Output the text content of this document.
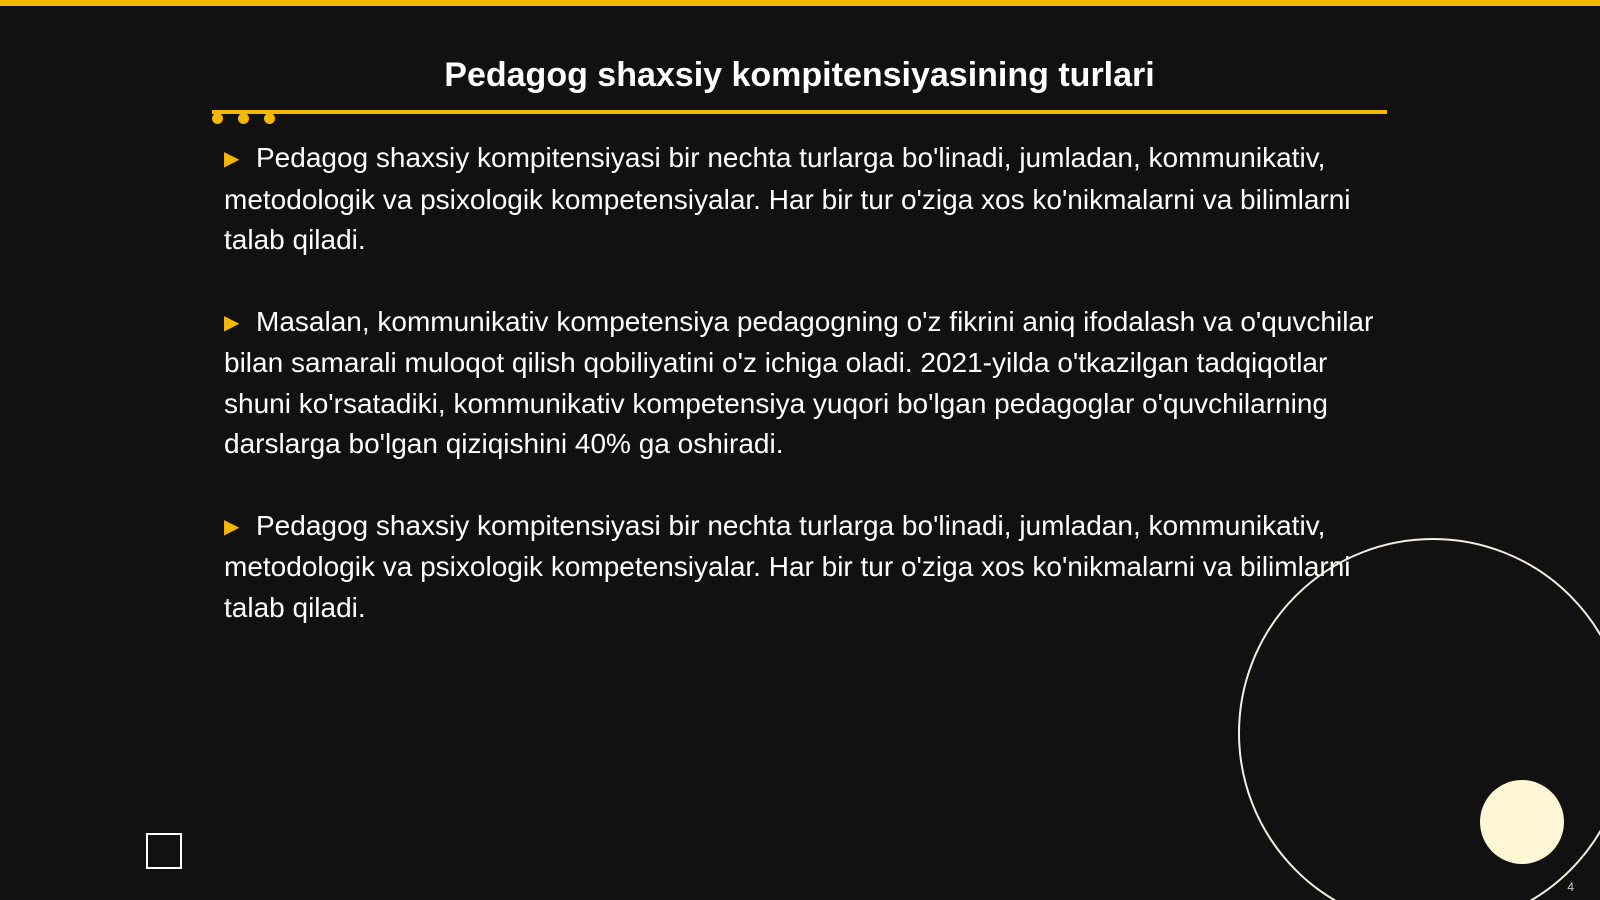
Pedagog shaxsiy kompitensiyasining turlari

▶ Pedagog shaxsiy kompitensiyasi bir nechta turlarga bo'linadi, jumladan, kommunikativ, metodologik va psixologik kompetensiyalar. Har bir tur o'ziga xos ko'nikmalarni va bilimlarni talab qiladi.

▶ Masalan, kommunikativ kompetensiya pedagogning o'z fikrini aniq ifodalash va o'quvchilar bilan samarali muloqot qilish qobiliyatini o'z ichiga oladi. 2021-yilda o'tkazilgan tadqiqotlar shuni ko'rsatadiki, kommunikativ kompetensiya yuqori bo'lgan pedagoglar o'quvchilarning darslarga bo'lgan qiziqishini 40% ga oshiradi.

▶ Pedagog shaxsiy kompitensiyasi bir nechta turlarga bo'linadi, jumladan, kommunikativ, metodologik va psixologik kompetensiyalar. Har bir tur o'ziga xos ko'nikmalarni va bilimlarni talab qiladi.

4
